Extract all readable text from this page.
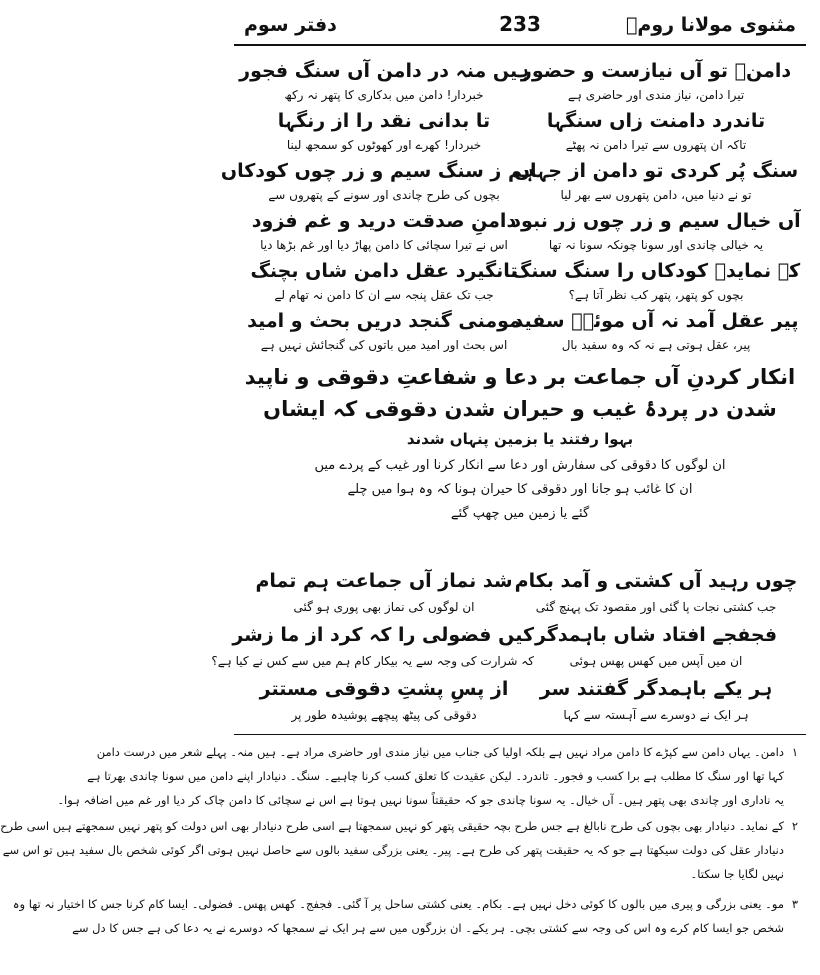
مثنوی مولانا رومؒ
233
دفتر سوم
دامنؔ تو آں نیازست و حضور
ہیں منہ در دامن آں سنگ فجور
تیرا دامن، نیاز مندی اور حاضری ہے
خبردار! دامن میں بدکاری کا پتھر نہ رکھ
تاندرد دامنت زاں سنگہا
تا بدانی نقد را از رنگہا
تاکہ ان پتھروں سے تیرا دامن نہ پھٹے
خبردار! کھرے اور کھوٹوں کو سمجھ لینا
سنگ پُر کردی تو دامن از جہاں
ہم ز سنگ سیم و زر چوں کودکاں
تو نے دنیا میں، دامن پتھروں سے بھر لیا
بچوں کی طرح چاندی اور سونے کے پتھروں سے
آں خیال سیم و زر چوں زر نبود
دامنِ صدقت درید و غم فزود
یہ خیالی چاندی اور سونا چونکہ سونا نہ تھا
اس نے تیرا سچائی کا دامن پھاڑ دیا اور غم بڑھا دیا
کے نمایدؔ کودکاں را سنگ سنگ
تانگیرد عقل دامن شاں بچنگ
بچوں کو پتھر، پتھر کب نظر آتا ہے؟
جب تک عقل پنجہ سے ان کا دامن نہ تھام لے
پیر عقل آمد نہ آں موئےؔ سفید
مومنی گنجد دریں بحث و امید
پیر، عقل ہوتی ہے نہ کہ وہ سفید بال
اس بحث اور امید میں باتوں کی گنجائش نہیں ہے
انکار کردنِ آں جماعت بر دعا و شفاعتِ دقوقی و ناپید
شدن در پردۂ غیب و حیران شدن دقوقی کہ ایشاں
بہوا رفتند یا بزمین پنہاں شدند
ان لوگوں کا دقوقی کی سفارش اور دعا سے انکار کرنا اور غیب کے پردے میں
ان کا غائب ہو جانا اور دقوقی کا حیران ہونا کہ وہ ہوا میں چلے
گئے یا زمین میں چھپ گئے
چوں رہید آں کشتی و آمد بکام
شد نماز آں جماعت ہم تمام
جب کشتی نجات پا گئی اور مقصود تک پہنچ گئی
ان لوگوں کی نماز بھی پوری ہو گئی
فجفجے افتاد شاں باہمدگر
کیں فضولی را کہ کرد از ما زشر
ان میں آپس میں کھس پھس ہوئی
کہ شرارت کی وجہ سے یہ بیکار کام ہم میں سے کس نے کیا ہے؟
ہر یکے باہمدگر گفتند سر
از پسِ پشتِ دقوقی مستتر
ہر ایک نے دوسرے سے آہستہ سے کہا
دقوقی کی پیٹھ پیچھے پوشیدہ طور پر
۱دامن۔ یہاں دامن سے کپڑے کا دامن مراد نہیں ہے بلکہ اولیا کی جناب میں نیاز مندی اور حاضری مراد ہے۔ ہیں منہ۔ پہلے شعر میں درست دامن
کہا تھا اور سنگ کا مطلب ہے برا کسب و فجور۔ تاندرد۔ لیکن عقیدت کا تعلق کسب کرنا چاہیے۔ سنگ۔ دنیادار اپنے دامن میں سونا چاندی بھرتا ہے
یہ ناداری اور چاندی بھی پتھر ہیں۔ آں خیال۔ یہ سونا چاندی جو کہ حقیقتاً سونا نہیں ہوتا ہے اس نے سچائی کا دامن چاک کر دیا اور غم میں اضافہ ہوا۔
۲کے نماید۔ دنیادار بھی بچوں کی طرح نابالغ ہے جس طرح بچہ حقیقی پتھر کو نہیں سمجھتا ہے اسی طرح دنیادار بھی اس دولت کو پتھر نہیں سمجھتے ہیں اسی طرح
دنیادار عقل کی دولت سیکھتا ہے جو کہ یہ حقیقت پتھر کی طرح ہے۔ پیر۔ یعنی بزرگی سفید بالوں سے حاصل نہیں ہوتی اگر کوئی شخص بال سفید ہیں تو اس سے
نہیں لگایا جا سکتا۔
۳مو۔ یعنی بزرگی و پیری میں بالوں کا کوئی دخل نہیں ہے۔ بکام۔ یعنی کشتی ساحل پر آ گئی۔ فجفج۔ کھس پھس۔ فضولی۔ ایسا کام کرنا جس کا اختیار نہ تھا وہ
شخص جو ایسا کام کرے وہ اس کی وجہ سے کشتی بچی۔ ہر یکے۔ ان بزرگوں میں سے ہر ایک نے سمجھا کہ دوسرے نے یہ دعا کی ہے جس کا دل سے
